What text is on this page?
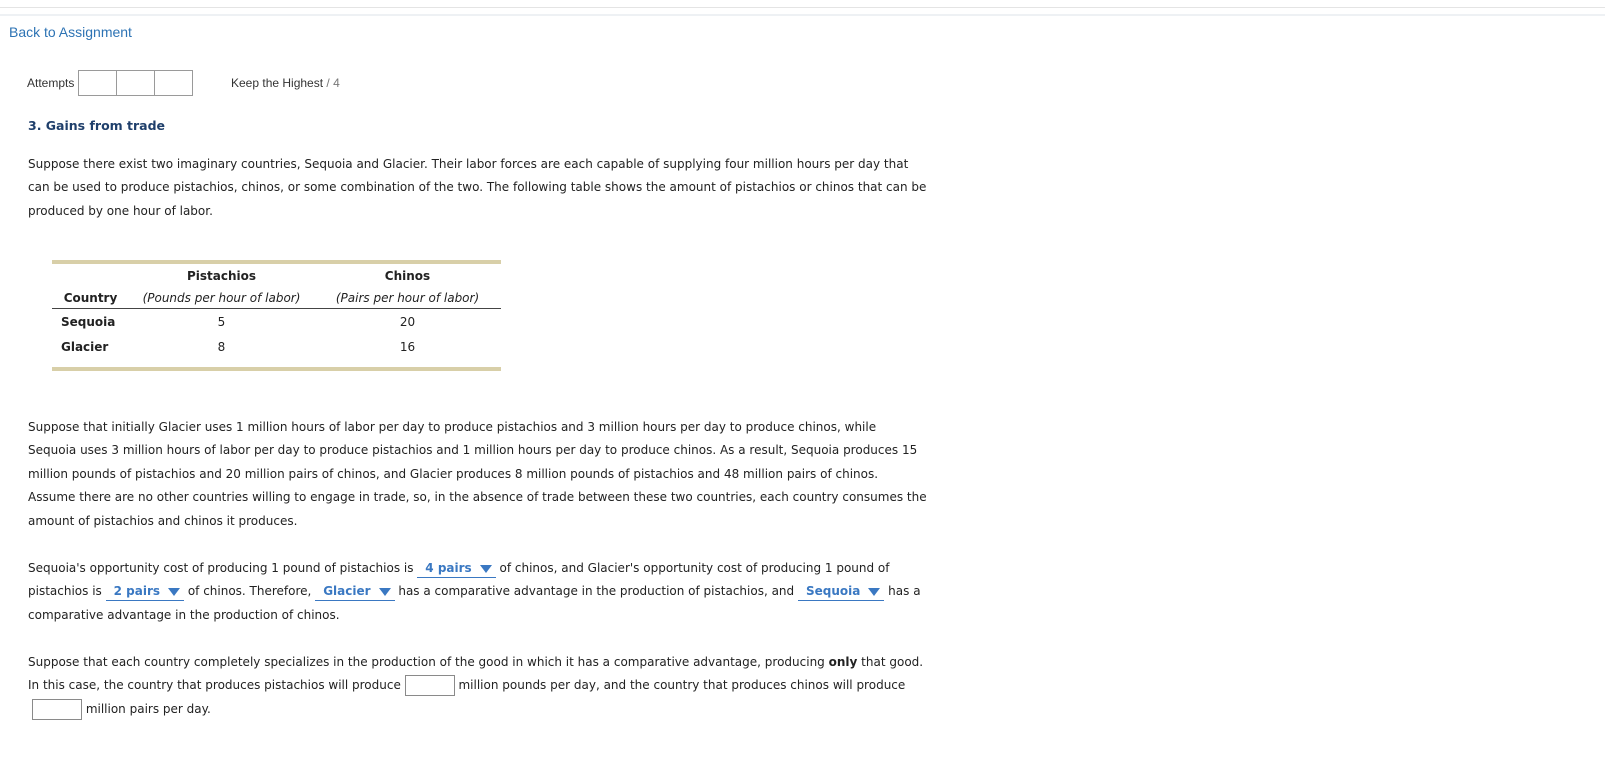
Back to Assignment
Attempts	Keep the Highest / 4
3. Gains from trade

Suppose there exist two imaginary countries, Sequoia and Glacier. Their labor forces are each capable of supplying four million hours per day that can be used to produce pistachios, chinos, or some combination of the two. The following table shows the amount of pistachios or chinos that can be produced by one hour of labor.

	Pistachios	Chinos
Country	(Pounds per hour of labor)	(Pairs per hour of labor)
Sequoia	5	20
Glacier	8	16

Suppose that initially Glacier uses 1 million hours of labor per day to produce pistachios and 3 million hours per day to produce chinos, while Sequoia uses 3 million hours of labor per day to produce pistachios and 1 million hours per day to produce chinos. As a result, Sequoia produces 15 million pounds of pistachios and 20 million pairs of chinos, and Glacier produces 8 million pounds of pistachios and 48 million pairs of chinos. Assume there are no other countries willing to engage in trade, so, in the absence of trade between these two countries, each country consumes the amount of pistachios and chinos it produces.

Sequoia's opportunity cost of producing 1 pound of pistachios is 4 pairs
of chinos, and Glacier's opportunity cost of producing 1 pound of pistachios is 2 pairs
of chinos. Therefore, Glacier
has a comparative advantage in the production of pistachios, and Sequoia
has a comparative advantage in the production of chinos.

Suppose that each country completely specializes in the production of the good in which it has a comparative advantage, producing only that good. In this case, the country that produces pistachios will produce	million pounds per day, and the country that produces chinos will produce  million pairs per day.
